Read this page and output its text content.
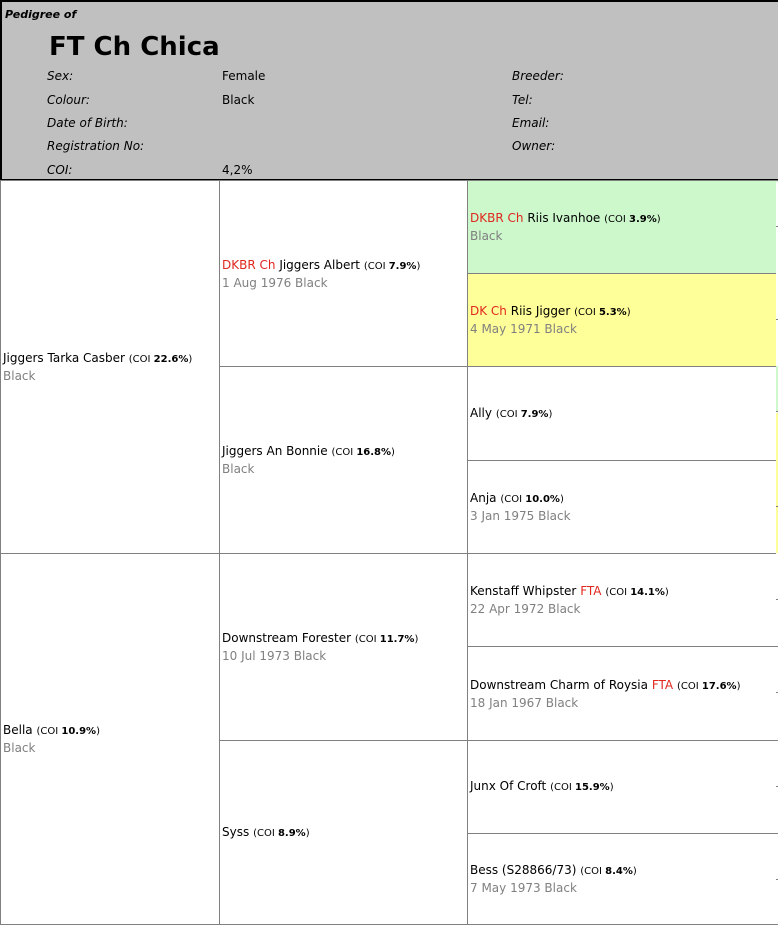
Pedigree of
FT Ch Chica
Sex:	Female
Colour:	Black
Date of Birth:
Registration No:
COI:	4,2%
Breeder:
Tel:
Email:
Owner:
Jiggers Tarka Casber (COI 22.6%)
Black
Bella (COI 10.9%)
Black
DKBR Ch Jiggers Albert (COI 7.9%)
1 Aug 1976 Black
Jiggers An Bonnie (COI 16.8%)
Black
Downstream Forester (COI 11.7%)
10 Jul 1973 Black
Syss (COI 8.9%)
DKBR Ch Riis Ivanhoe (COI 3.9%)
Black
DK Ch Riis Jigger (COI 5.3%)
4 May 1971 Black
Ally (COI 7.9%)
Anja (COI 10.0%)
3 Jan 1975 Black
Kenstaff Whipster FTA (COI 14.1%)
22 Apr 1972 Black
Downstream Charm of Roysia FTA (COI 17.6%)
18 Jan 1967 Black
Junx Of Croft (COI 15.9%)
Bess (S28866/73) (COI 8.4%)
7 May 1973 Black
